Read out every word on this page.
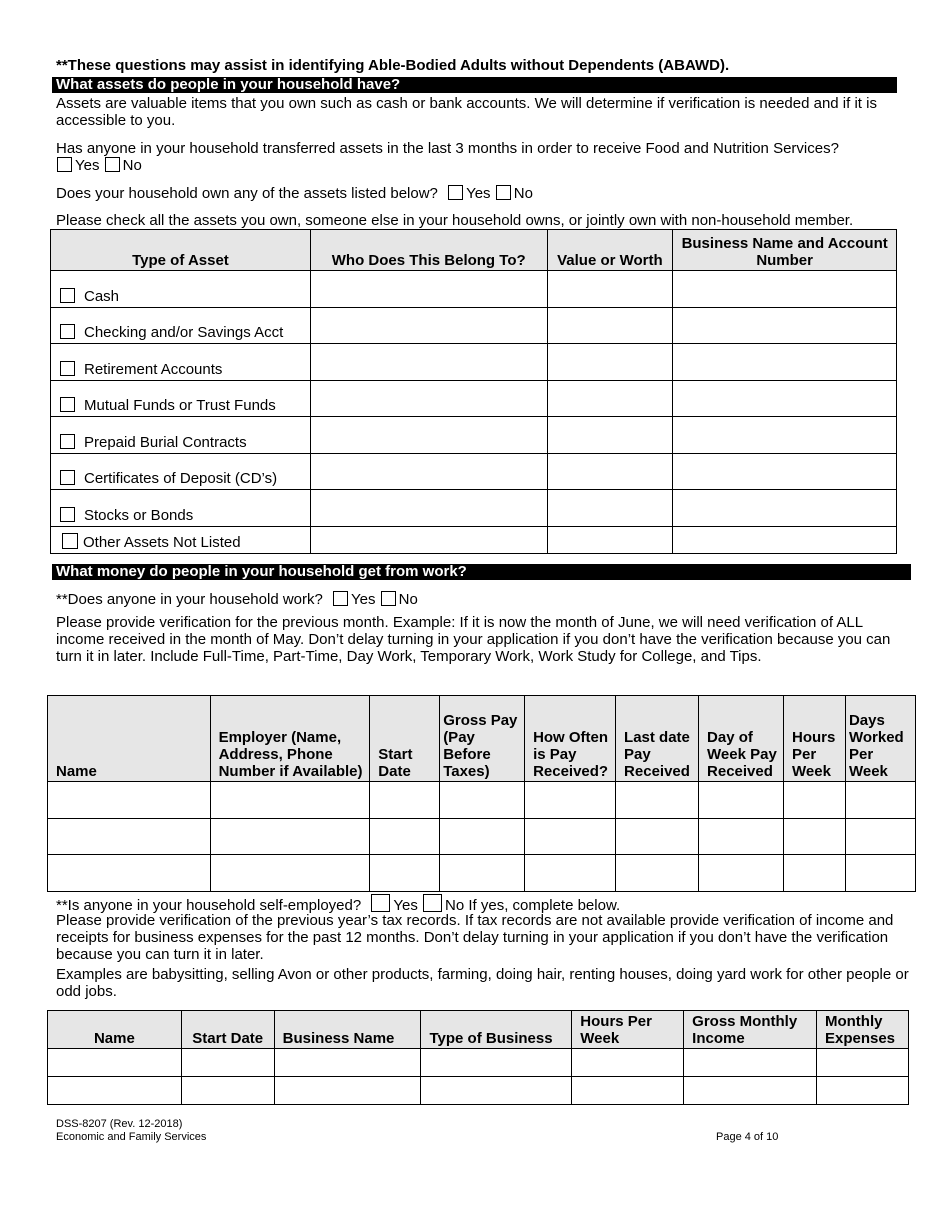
**These questions may assist in identifying Able-Bodied Adults without Dependents (ABAWD).
What assets do people in your household have?
Assets are valuable items that you own such as cash or bank accounts. We will determine if verification is needed and if it is accessible to you.
Has anyone in your household transferred assets in the last 3 months in order to receive Food and Nutrition Services?
Yes No
Does your household own any of the assets listed below? Yes No
Please check all the assets you own, someone else in your household owns, or jointly own with non-household member.
Type of Asset	Who Does This Belong To?	Value or Worth	Business Name and Account Number
Cash			
Checking and/or Savings Acct			
Retirement Accounts			
Mutual Funds or Trust Funds			
Prepaid Burial Contracts			
Certificates of Deposit (CD’s)			
Stocks or Bonds			
Other Assets Not Listed			
What money do people in your household get from work?
**Does anyone in your household work? Yes No
Please provide verification for the previous month. Example: If it is now the month of June, we will need verification of ALL income received in the month of May. Don’t delay turning in your application if you don’t have the verification because you can turn it in later. Include Full-Time, Part-Time, Day Work, Temporary Work, Work Study for College, and Tips.
Name	Employer (Name, Address, Phone Number if Available)	Start Date	Gross Pay (Pay Before Taxes)	How Often is Pay Received?	Last date Pay Received	Day of Week Pay Received	Hours Per Week	Days Worked Per Week

**Is anyone in your household self-employed? Yes No If yes, complete below.
Please provide verification of the previous year’s tax records. If tax records are not available provide verification of income and receipts for business expenses for the past 12 months. Don’t delay turning in your application if you don’t have the verification because you can turn it in later.
Examples are babysitting, selling Avon or other products, farming, doing hair, renting houses, doing yard work for other people or odd jobs.
Name	Start Date	Business Name	Type of Business	Hours Per Week	Gross Monthly Income	Monthly Expenses

DSS-8207 (Rev. 12-2018)
Economic and Family Services	Page 4 of 10
